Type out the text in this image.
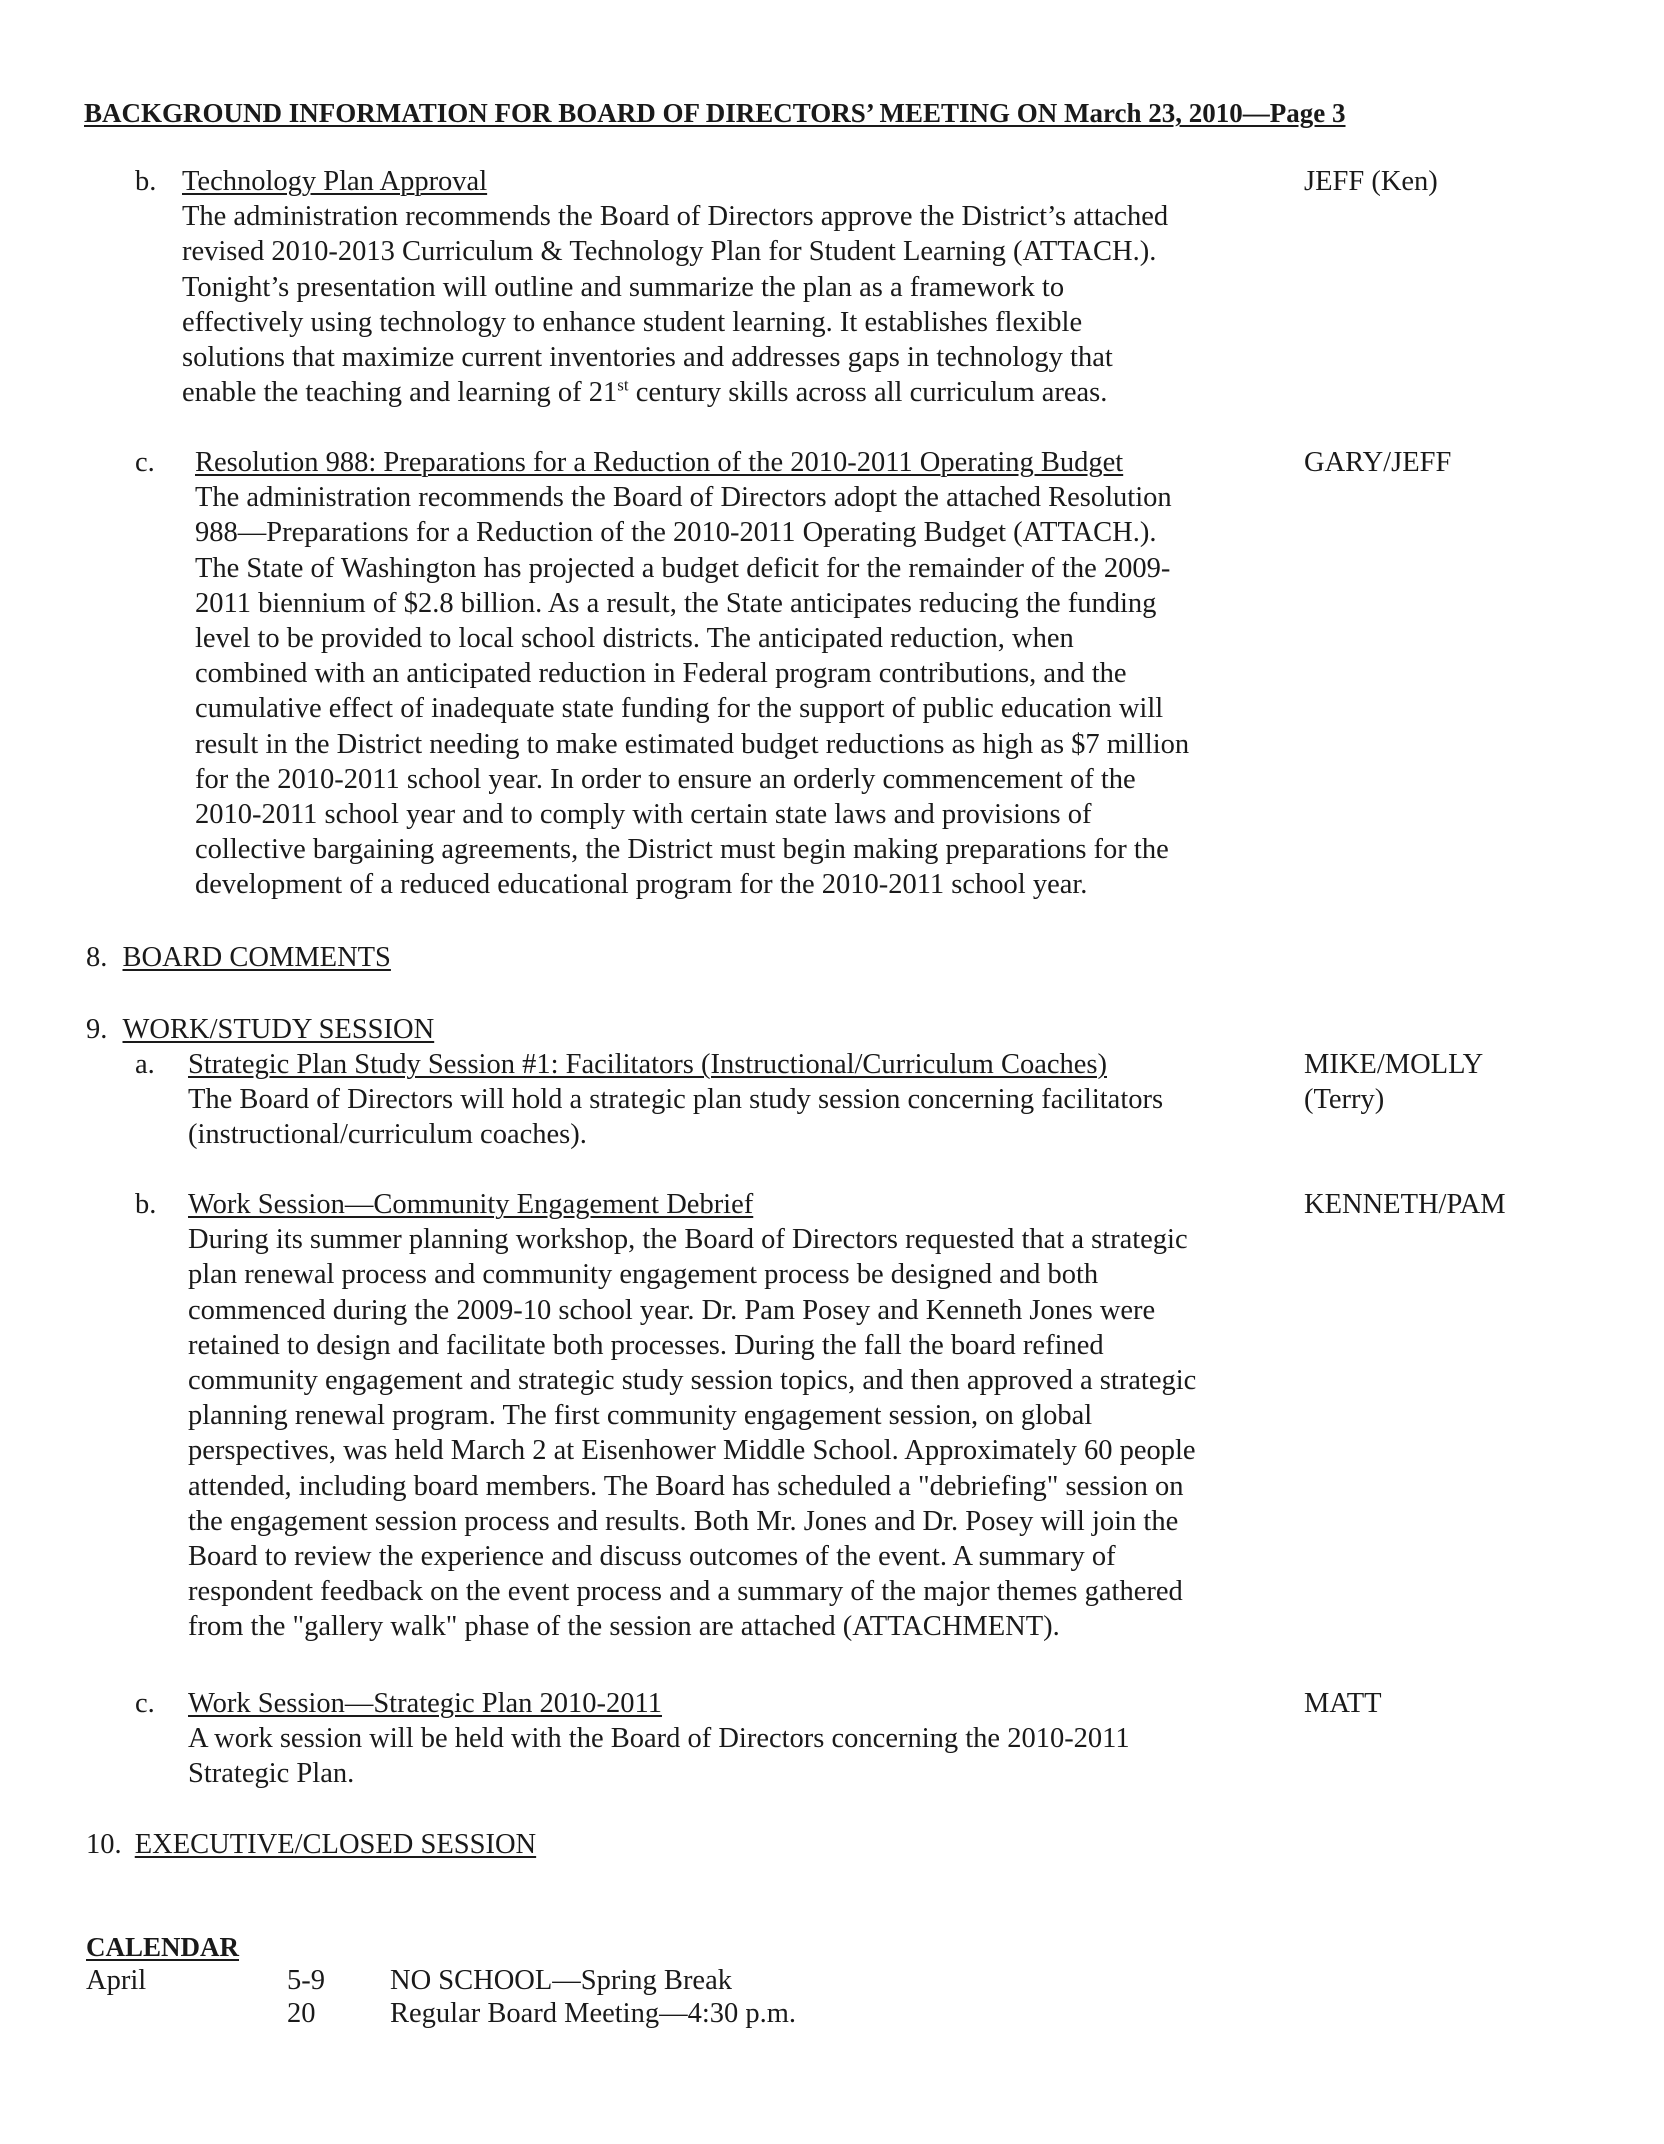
BACKGROUND INFORMATION FOR BOARD OF DIRECTORS’ MEETING ON March 23, 2010—Page 3
b. Technology Plan Approval
The administration recommends the Board of Directors approve the District’s attached
revised 2010-2013 Curriculum & Technology Plan for Student Learning (ATTACH.).
Tonight’s presentation will outline and summarize the plan as a framework to
effectively using technology to enhance student learning. It establishes flexible
solutions that maximize current inventories and addresses gaps in technology that
enable the teaching and learning of 21st century skills across all curriculum areas.
JEFF (Ken)
c. Resolution 988: Preparations for a Reduction of the 2010-2011 Operating Budget
The administration recommends the Board of Directors adopt the attached Resolution
988—Preparations for a Reduction of the 2010-2011 Operating Budget (ATTACH.).
The State of Washington has projected a budget deficit for the remainder of the 2009-
2011 biennium of $2.8 billion. As a result, the State anticipates reducing the funding
level to be provided to local school districts. The anticipated reduction, when
combined with an anticipated reduction in Federal program contributions, and the
cumulative effect of inadequate state funding for the support of public education will
result in the District needing to make estimated budget reductions as high as $7 million
for the 2010-2011 school year. In order to ensure an orderly commencement of the
2010-2011 school year and to comply with certain state laws and provisions of
collective bargaining agreements, the District must begin making preparations for the
development of a reduced educational program for the 2010-2011 school year.
GARY/JEFF
8. BOARD COMMENTS
9. WORK/STUDY SESSION
a. Strategic Plan Study Session #1: Facilitators (Instructional/Curriculum Coaches)
The Board of Directors will hold a strategic plan study session concerning facilitators
(instructional/curriculum coaches).
MIKE/MOLLY
(Terry)
b. Work Session—Community Engagement Debrief
During its summer planning workshop, the Board of Directors requested that a strategic
plan renewal process and community engagement process be designed and both
commenced during the 2009-10 school year. Dr. Pam Posey and Kenneth Jones were
retained to design and facilitate both processes. During the fall the board refined
community engagement and strategic study session topics, and then approved a strategic
planning renewal program. The first community engagement session, on global
perspectives, was held March 2 at Eisenhower Middle School. Approximately 60 people
attended, including board members. The Board has scheduled a "debriefing" session on
the engagement session process and results. Both Mr. Jones and Dr. Posey will join the
Board to review the experience and discuss outcomes of the event. A summary of
respondent feedback on the event process and a summary of the major themes gathered
from the "gallery walk" phase of the session are attached (ATTACHMENT).
KENNETH/PAM
c. Work Session—Strategic Plan 2010-2011
A work session will be held with the Board of Directors concerning the 2010-2011
Strategic Plan.
MATT
10. EXECUTIVE/CLOSED SESSION
CALENDAR
April	5-9 NO SCHOOL—Spring Break
20	Regular Board Meeting—4:30 p.m.
